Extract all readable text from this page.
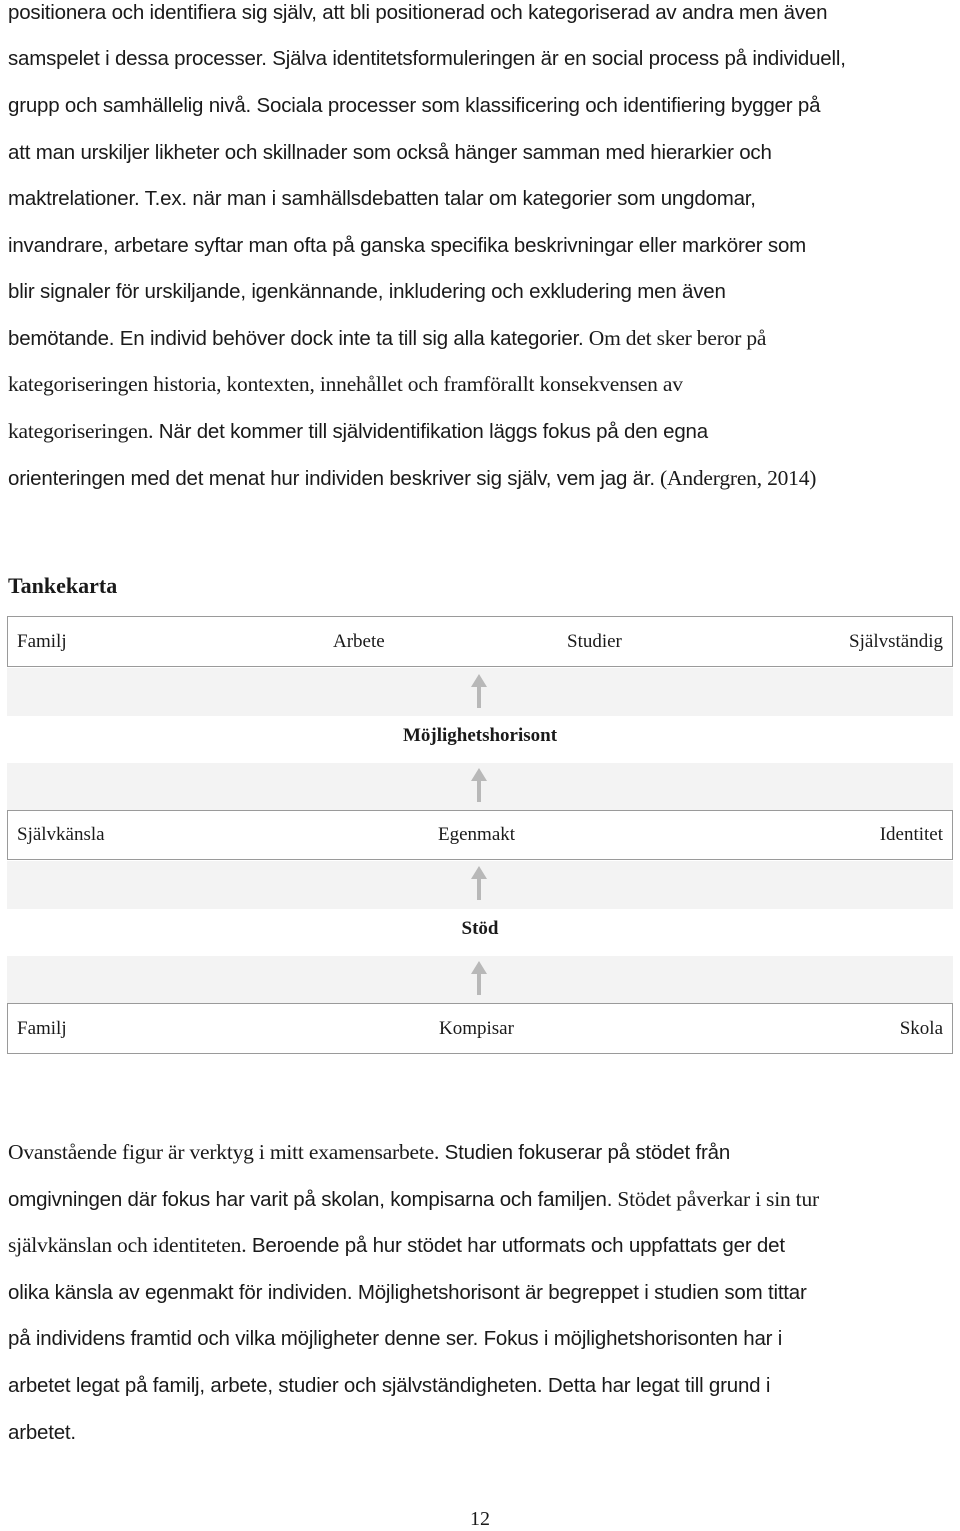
positionera och identifiera sig själv, att bli positionerad och kategoriserad av andra men även
samspelet i dessa processer. Själva identitetsformuleringen är en social process på individuell,
grupp och samhällelig nivå. Sociala processer som klassificering och identifiering bygger på
att man urskiljer likheter och skillnader som också hänger samman med hierarkier och
maktrelationer. T.ex. när man i samhällsdebatten talar om kategorier som ungdomar,
invandrare, arbetare syftar man ofta på ganska specifika beskrivningar eller markörer som
blir signaler för urskiljande, igenkännande, inkludering och exkludering men även
bemötande. En individ behöver dock inte ta till sig alla kategorier. Om det sker beror på
kategoriseringen historia, kontexten, innehållet och framförallt konsekvensen av
kategoriseringen. När det kommer till självidentifikation läggs fokus på den egna
orienteringen med det menat hur individen beskriver sig själv, vem jag är. (Andergren, 2014)
Tankekarta
Familj	Arbete	Studier	Självständig
Möjlighetshorisont
Självkänsla	Egenmakt	Identitet
Stöd
Familj	Kompisar	Skola
Ovanstående figur är verktyg i mitt examensarbete. Studien fokuserar på stödet från
omgivningen där fokus har varit på skolan, kompisarna och familjen. Stödet påverkar i sin tur
självkänslan och identiteten. Beroende på hur stödet har utformats och uppfattats ger det
olika känsla av egenmakt för individen. Möjlighetshorisont är begreppet i studien som tittar
på individens framtid och vilka möjligheter denne ser. Fokus i möjlighetshorisonten har i
arbetet legat på familj, arbete, studier och självständigheten. Detta har legat till grund i
arbetet.
12
